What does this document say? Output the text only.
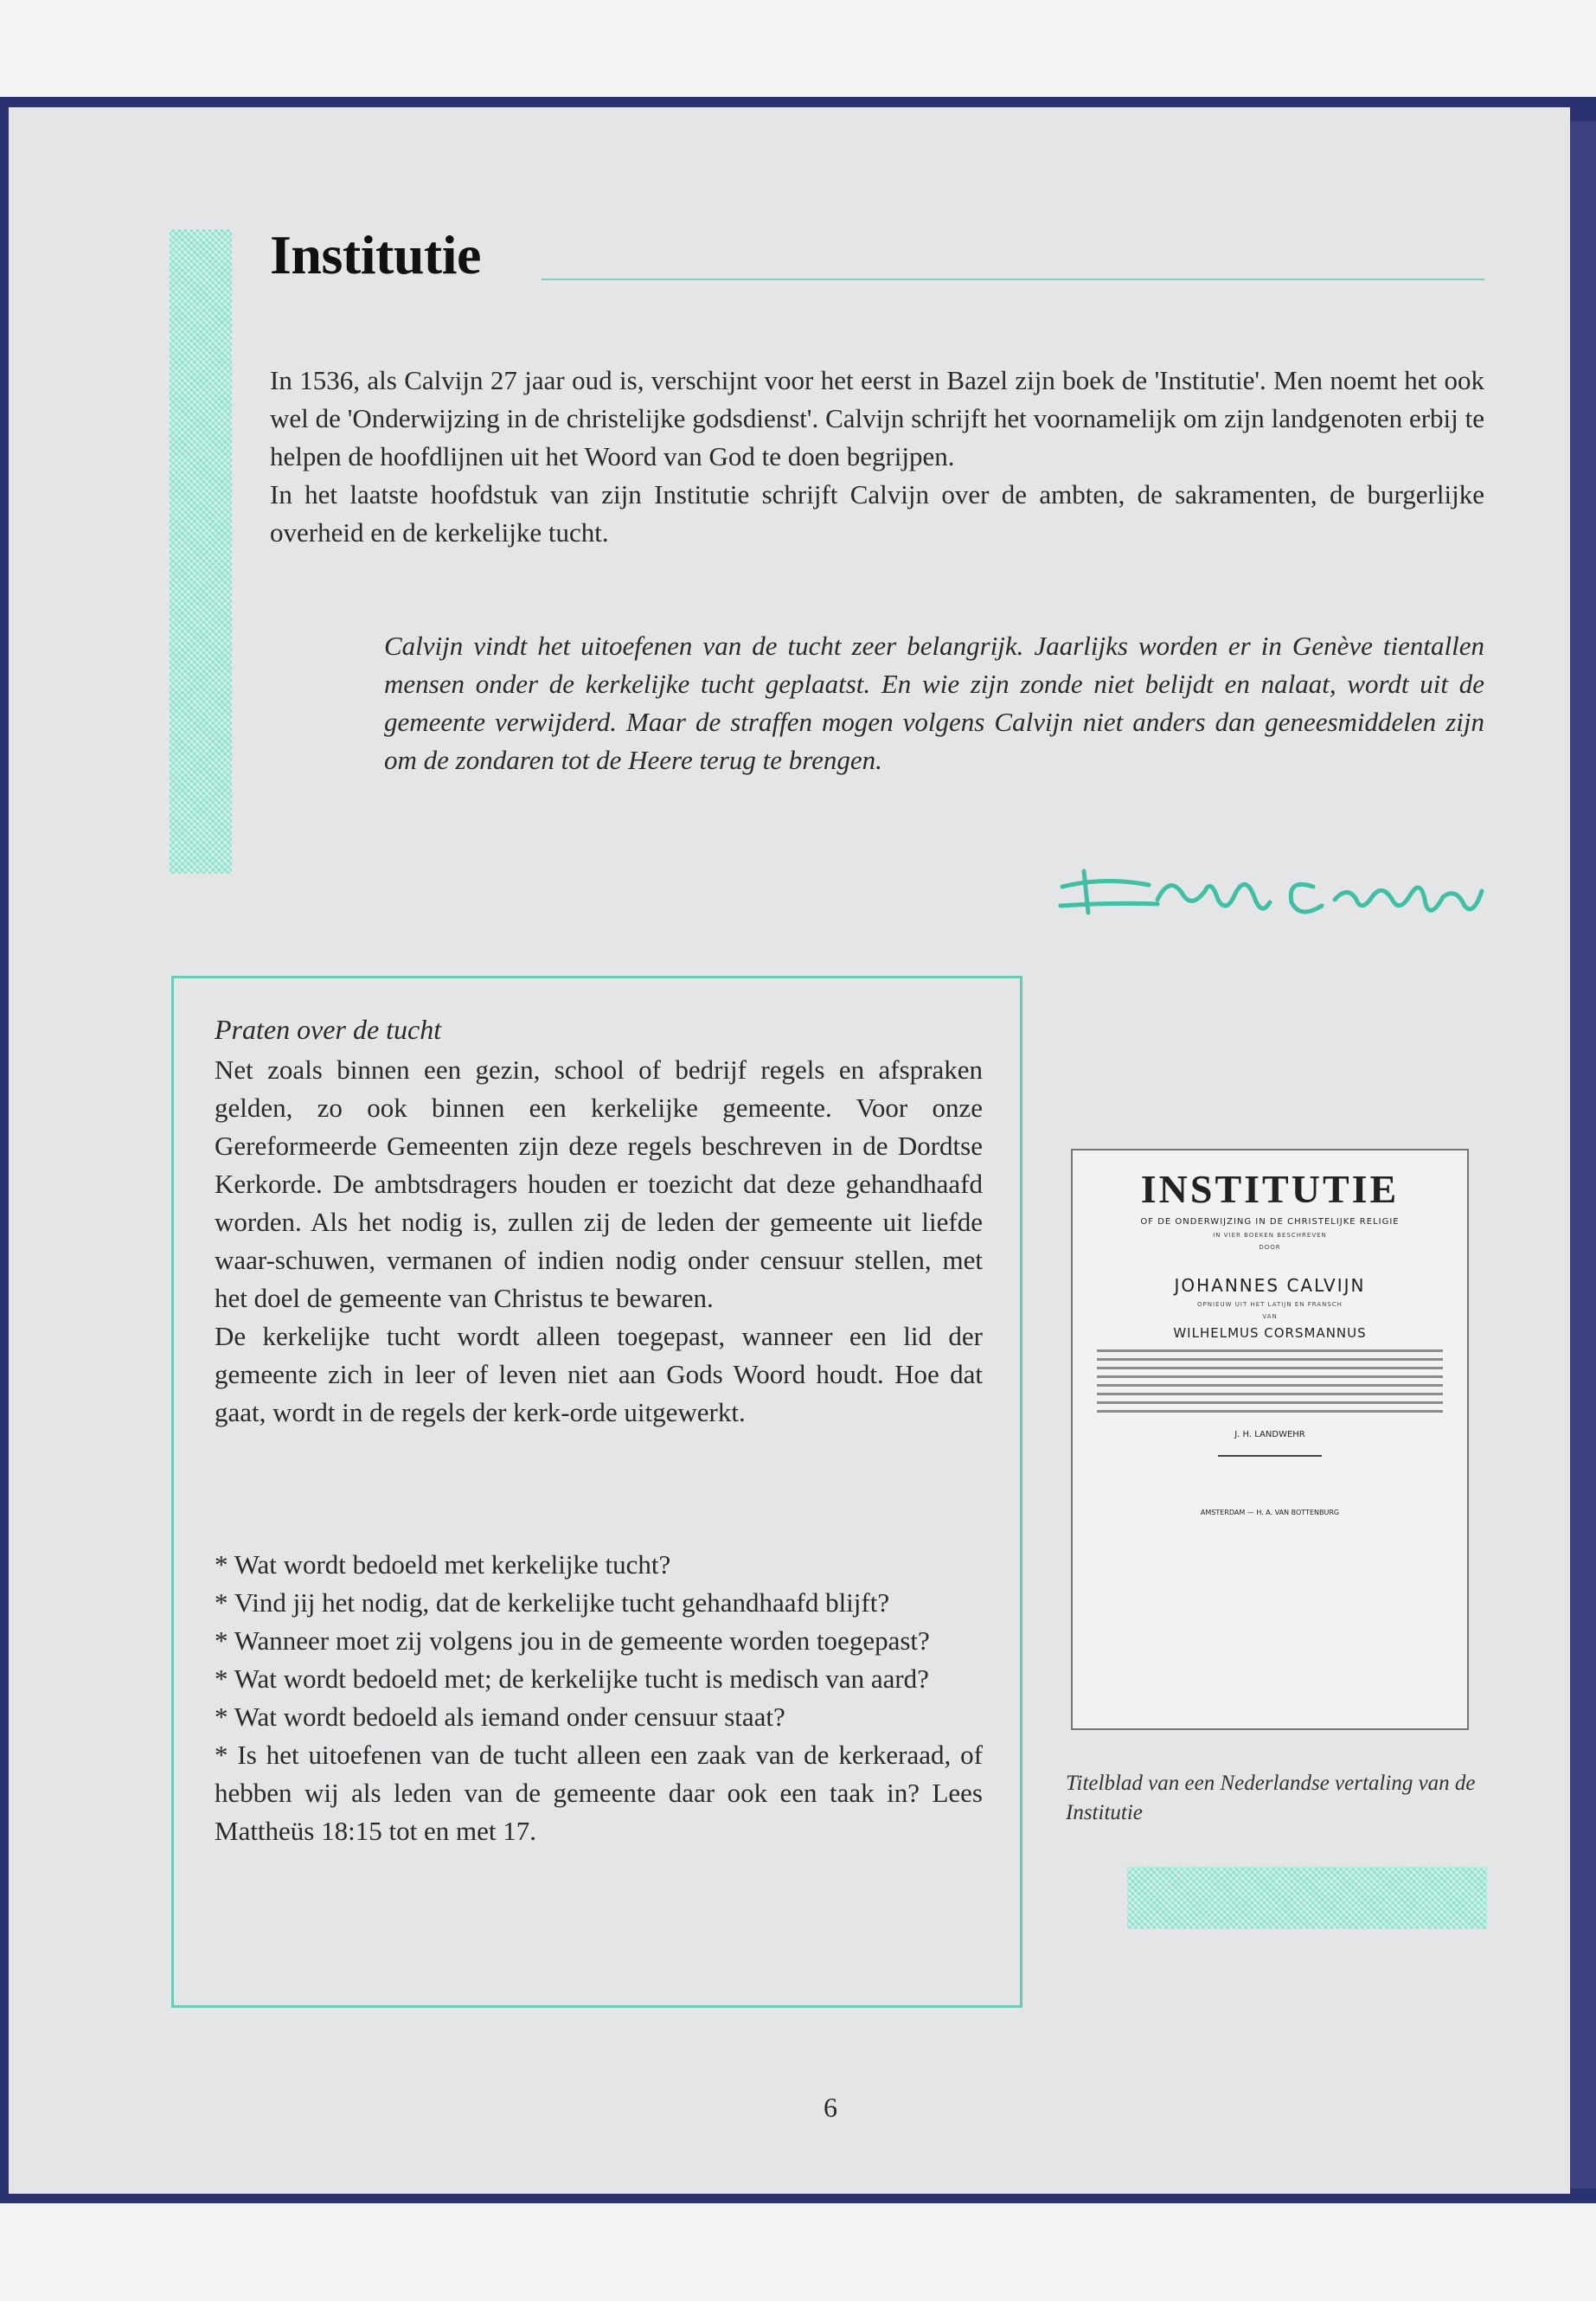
Institutie

In 1536, als Calvijn 27 jaar oud is, verschijnt voor het eerst in Bazel zijn boek de 'Institutie'. Men noemt het ook wel de 'Onderwijzing in de christelijke godsdienst'. Calvijn schrijft het voornamelijk om zijn landgenoten erbij te helpen de hoofdlijnen uit het Woord van God te doen begrijpen.

In het laatste hoofdstuk van zijn Institutie schrijft Calvijn over de ambten, de sakramenten, de burgerlijke overheid en de kerkelijke tucht.

Calvijn vindt het uitoefenen van de tucht zeer belangrijk. Jaarlijks worden er in Genève tientallen mensen onder de kerkelijke tucht geplaatst. En wie zijn zonde niet belijdt en nalaat, wordt uit de gemeente verwijderd. Maar de straffen mogen volgens Calvijn niet anders dan geneesmiddelen zijn om de zondaren tot de Heere terug te brengen.

Praten over de tucht

Net zoals binnen een gezin, school of bedrijf regels en afspraken gelden, zo ook binnen een kerkelijke gemeente. Voor onze Gereformeerde Gemeenten zijn deze regels beschreven in de Dordtse Kerkorde. De ambtsdragers houden er toezicht dat deze gehandhaafd worden. Als het nodig is, zullen zij de leden der gemeente uit liefde waar-schuwen, vermanen of indien nodig onder censuur stellen, met het doel de gemeente van Christus te bewaren.

De kerkelijke tucht wordt alleen toegepast, wanneer een lid der gemeente zich in leer of leven niet aan Gods Woord houdt. Hoe dat gaat, wordt in de regels der kerk-orde uitgewerkt.

* Wat wordt bedoeld met kerkelijke tucht?
* Vind jij het nodig, dat de kerkelijke tucht gehandhaafd blijft?
* Wanneer moet zij volgens jou in de gemeente worden toegepast?
* Wat wordt bedoeld met; de kerkelijke tucht is medisch van aard?
* Wat wordt bedoeld als iemand onder censuur staat?
* Is het uitoefenen van de tucht alleen een zaak van de kerkeraad, of hebben wij als leden van de gemeente daar ook een taak in? Lees Mattheüs 18:15 tot en met 17.
INSTITUTIE
OF DE ONDERWIJZING IN DE CHRISTELIJKE RELIGIE
IN VIER BOEKEN BESCHREVEN
DOOR
JOHANNES CALVIJN
OPNIEUW UIT HET LATIJN EN FRANSCH
VAN
WILHELMUS CORSMANNUS
J. H. LANDWEHR
AMSTERDAM — H. A. VAN BOTTENBURG

Titelblad van een Nederlandse vertaling van de Institutie

6
